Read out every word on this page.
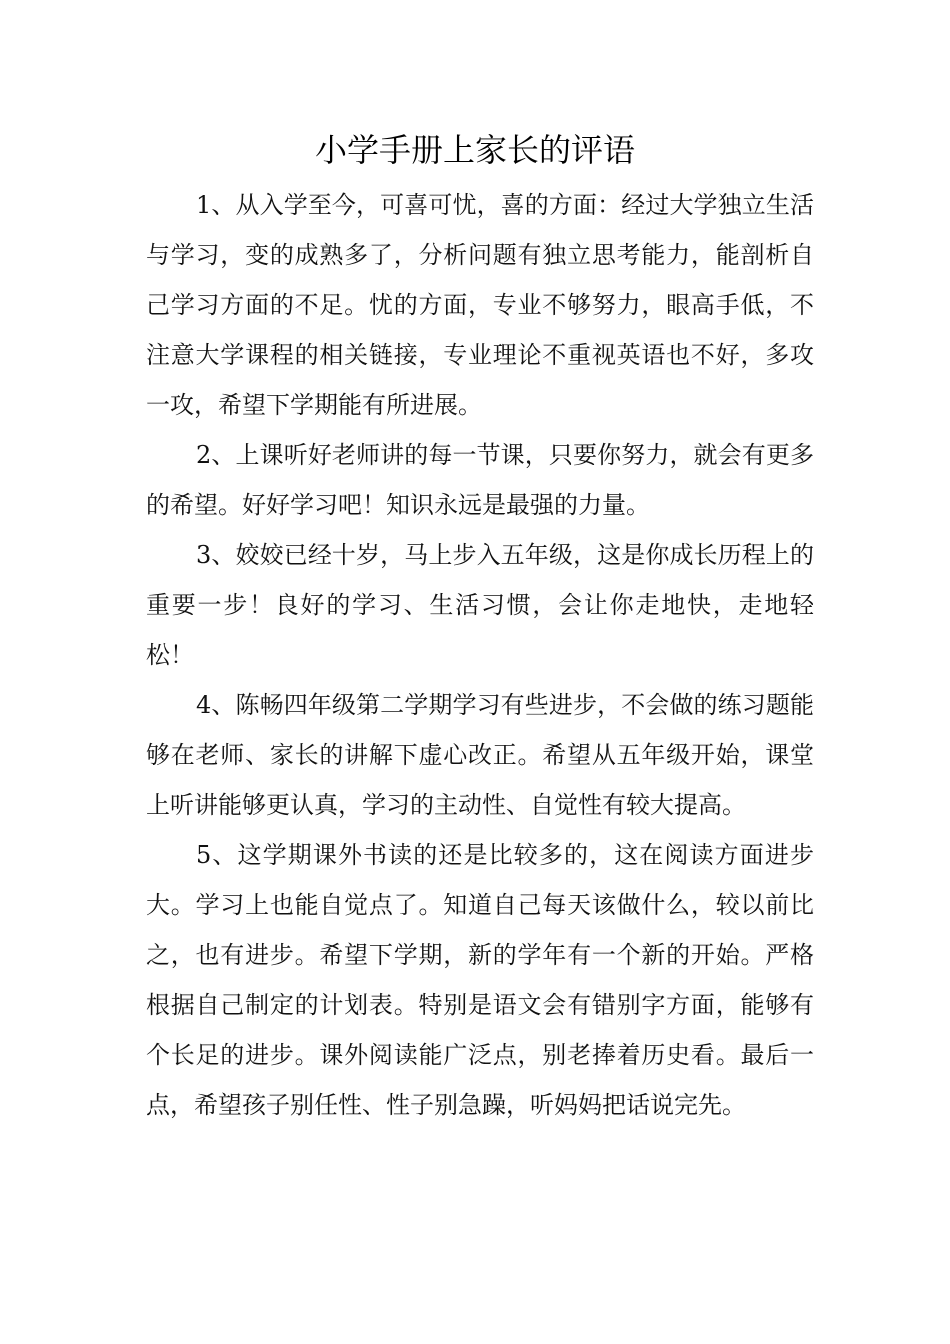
小学手册上家长的评语

1、从入学至今，可喜可忧，喜的方面：经过大学独立生活与学习，变的成熟多了，分析问题有独立思考能力，能剖析自己学习方面的不足。忧的方面，专业不够努力，眼高手低，不注意大学课程的相关链接，专业理论不重视英语也不好，多攻一攻，希望下学期能有所进展。

2、上课听好老师讲的每一节课，只要你努力，就会有更多的希望。好好学习吧！知识永远是最强的力量。

3、姣姣已经十岁，马上步入五年级，这是你成长历程上的重要一步！良好的学习、生活习惯，会让你走地快，走地轻松！

4、陈畅四年级第二学期学习有些进步，不会做的练习题能够在老师、家长的讲解下虚心改正。希望从五年级开始，课堂上听讲能够更认真，学习的主动性、自觉性有较大提高。

5、这学期课外书读的还是比较多的，这在阅读方面进步大。学习上也能自觉点了。知道自己每天该做什么，较以前比之，也有进步。希望下学期，新的学年有一个新的开始。严格根据自己制定的计划表。特别是语文会有错别字方面，能够有个长足的进步。课外阅读能广泛点，别老捧着历史看。最后一点，希望孩子别任性、性子别急躁，听妈妈把话说完先。
